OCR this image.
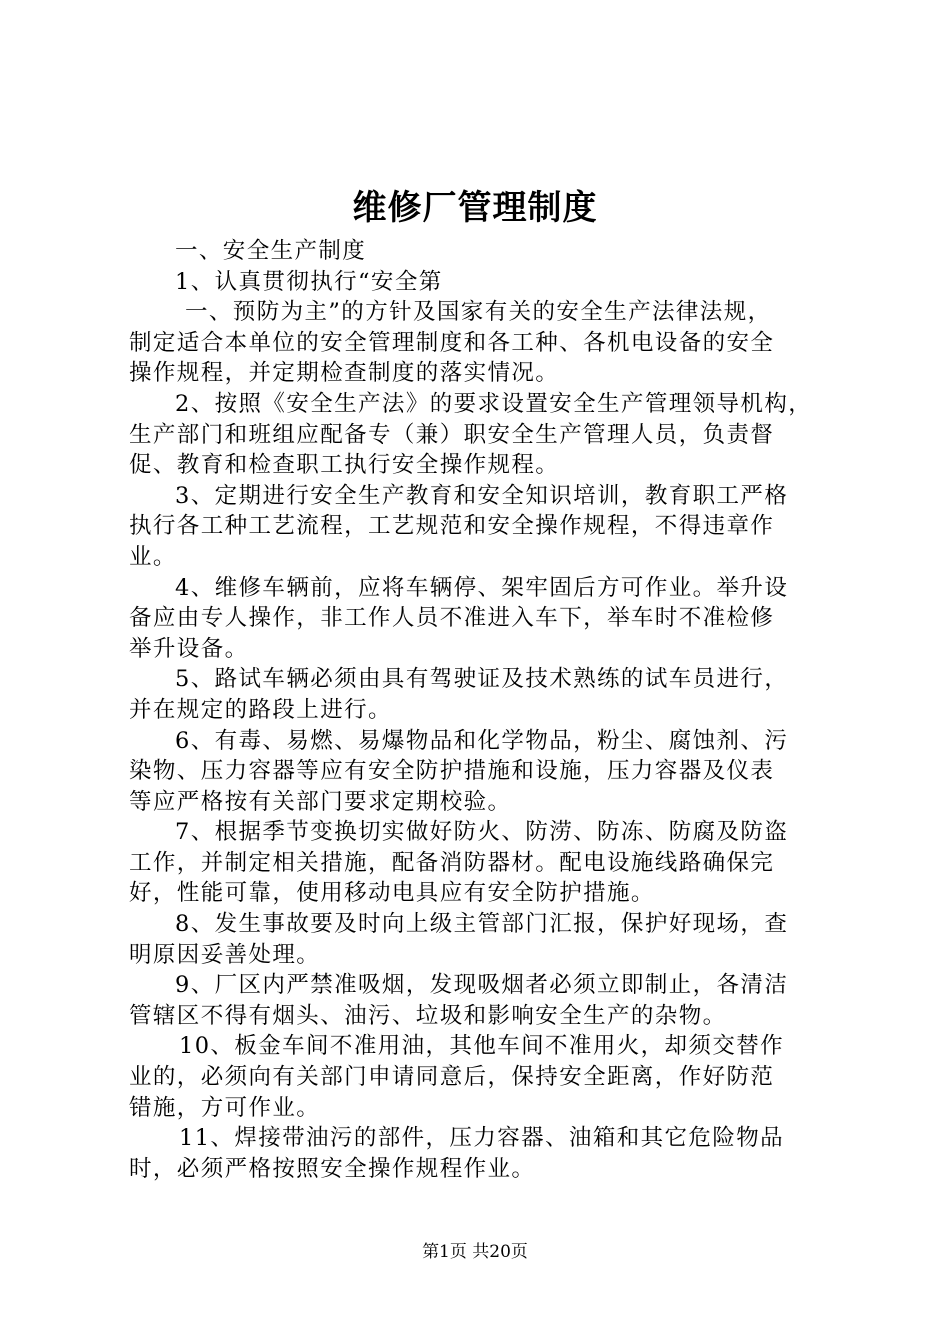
维修厂管理制度
一、安全生产制度
1、认真贯彻执行“安全第
一、预防为主”的方针及国家有关的安全生产法律法规，
制定适合本单位的安全管理制度和各工种、各机电设备的安全
操作规程，并定期检查制度的落实情况。
2、按照《安全生产法》的要求设置安全生产管理领导机构，
生产部门和班组应配备专（兼）职安全生产管理人员，负责督
促、教育和检查职工执行安全操作规程。
3、定期进行安全生产教育和安全知识培训，教育职工严格
执行各工种工艺流程，工艺规范和安全操作规程，不得违章作
业。
4、维修车辆前，应将车辆停、架牢固后方可作业。举升设
备应由专人操作，非工作人员不准进入车下，举车时不准检修
举升设备。
5、路试车辆必须由具有驾驶证及技术熟练的试车员进行，
并在规定的路段上进行。
6、有毒、易燃、易爆物品和化学物品，粉尘、腐蚀剂、污
染物、压力容器等应有安全防护措施和设施，压力容器及仪表
等应严格按有关部门要求定期校验。
7、根据季节变换切实做好防火、防涝、防冻、防腐及防盗
工作，并制定相关措施，配备消防器材。配电设施线路确保完
好，性能可靠，使用移动电具应有安全防护措施。
8、发生事故要及时向上级主管部门汇报，保护好现场，查
明原因妥善处理。
9、厂区内严禁准吸烟，发现吸烟者必须立即制止，各清洁
管辖区不得有烟头、油污、垃圾和影响安全生产的杂物。
10、板金车间不准用油，其他车间不准用火，却须交替作
业的，必须向有关部门申请同意后，保持安全距离，作好防范
错施，方可作业。
11、焊接带油污的部件，压力容器、油箱和其它危险物品
时，必须严格按照安全操作规程作业。
第1页 共20页
